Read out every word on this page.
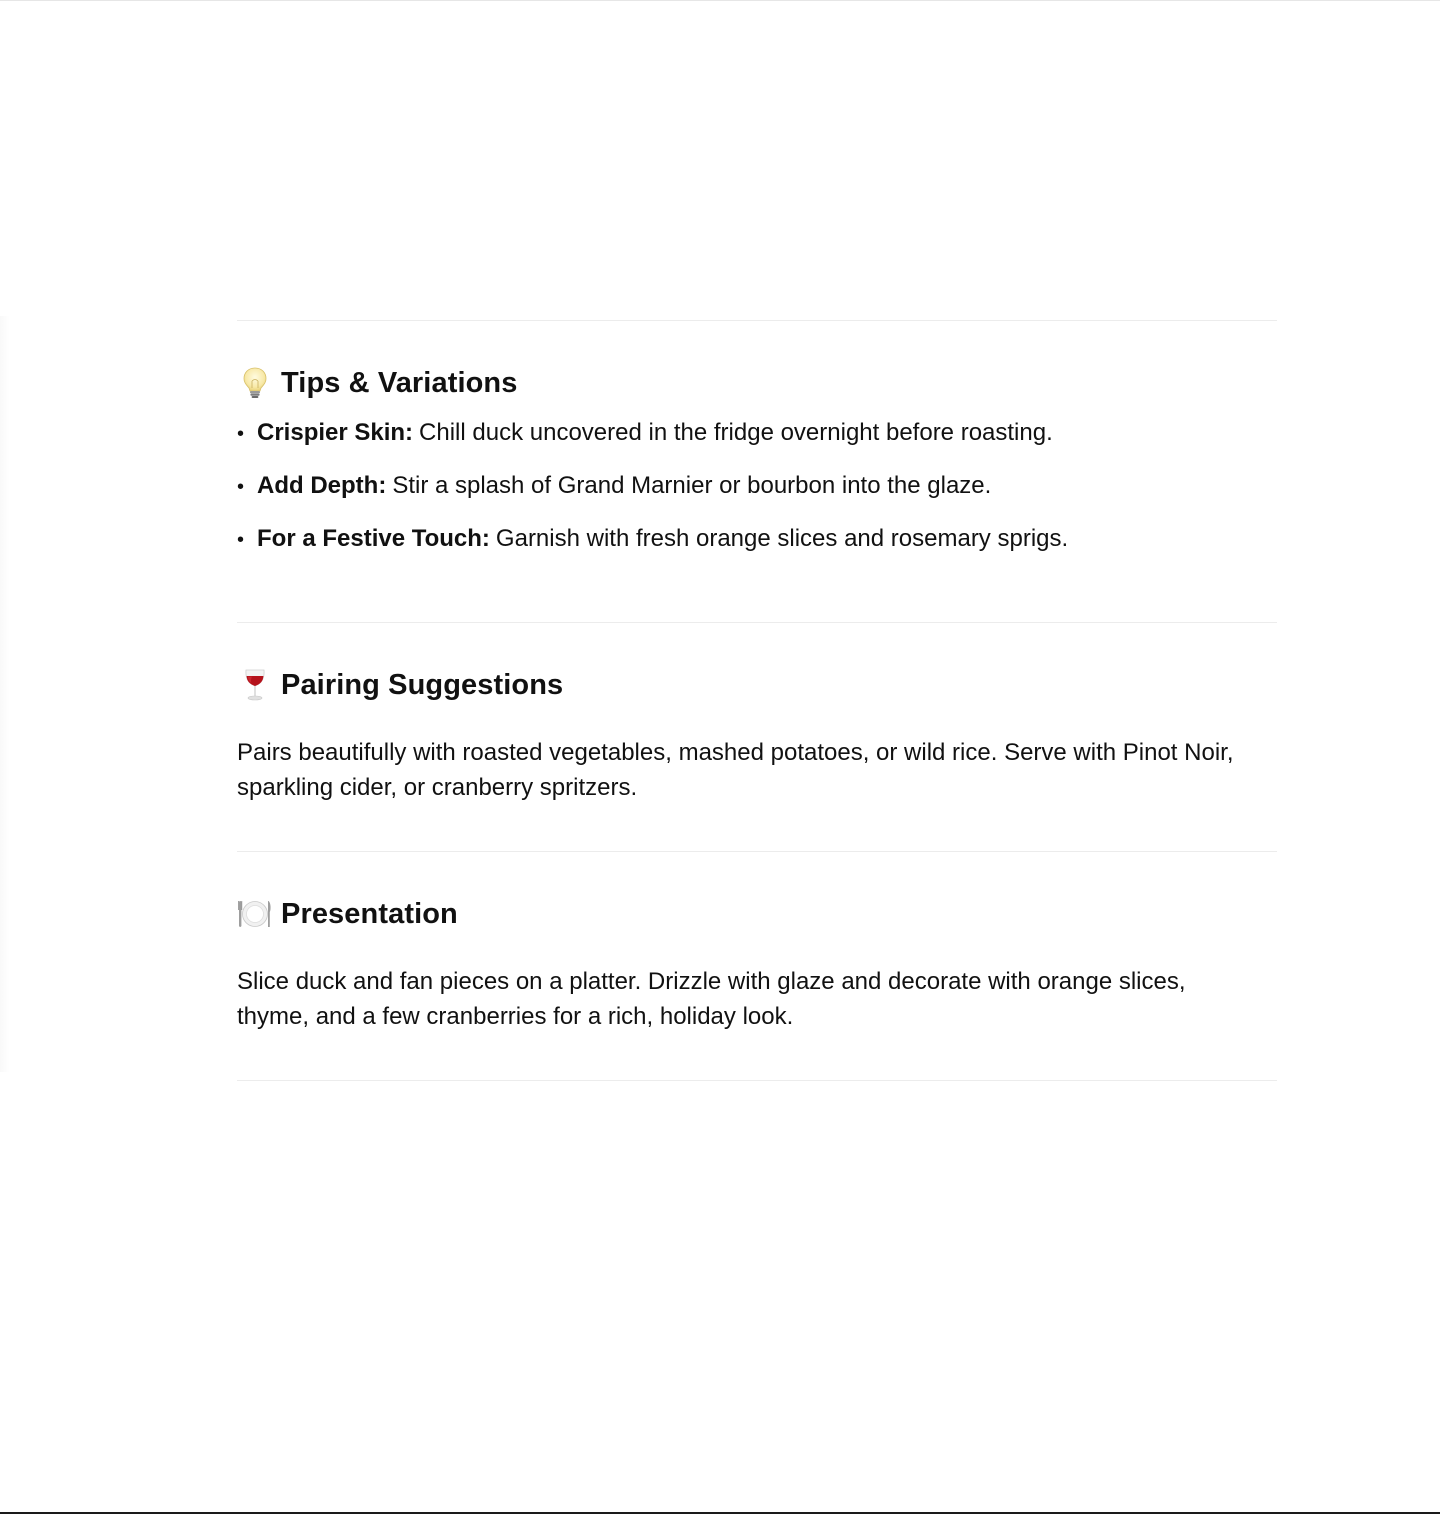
Tips & Variations
• Crispier Skin: Chill duck uncovered in the fridge overnight before roasting.
• Add Depth: Stir a splash of Grand Marnier or bourbon into the glaze.
• For a Festive Touch: Garnish with fresh orange slices and rosemary sprigs.
Pairing Suggestions

Pairs beautifully with roasted vegetables, mashed potatoes, or wild rice. Serve with Pinot Noir, sparkling cider, or cranberry spritzers.

Presentation

Slice duck and fan pieces on a platter. Drizzle with glaze and decorate with orange slices, thyme, and a few cranberries for a rich, holiday look.
